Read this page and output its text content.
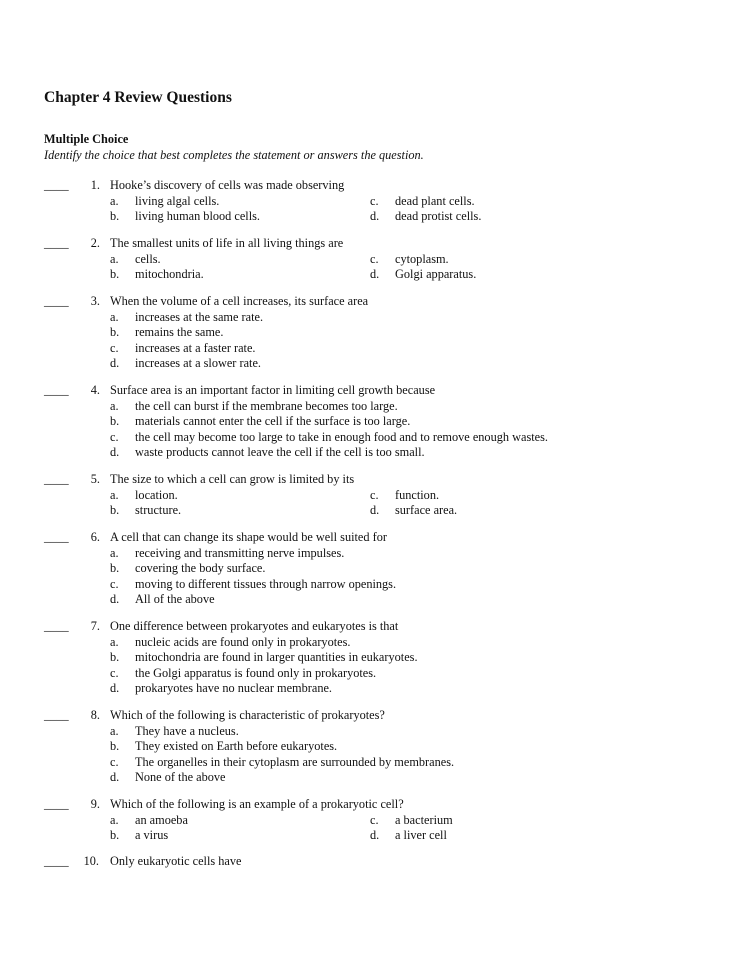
Chapter 4 Review Questions
Multiple Choice
Identify the choice that best completes the statement or answers the question.
____	1. Hooke’s discovery of cells was made observing
a. living algal cells.
b. living human blood cells.
c. dead plant cells.
d. dead protist cells.
____	2. The smallest units of life in all living things are
a. cells.
b. mitochondria.
c. cytoplasm.
d. Golgi apparatus.
____	3. When the volume of a cell increases, its surface area
a. increases at the same rate.
b. remains the same.
c. increases at a faster rate.
d. increases at a slower rate.
____	4. Surface area is an important factor in limiting cell growth because
a. the cell can burst if the membrane becomes too large.
b. materials cannot enter the cell if the surface is too large.
c. the cell may become too large to take in enough food and to remove enough wastes.
d. waste products cannot leave the cell if the cell is too small.
____	5. The size to which a cell can grow is limited by its
a. location.
b. structure.
c. function.
d. surface area.
____	6. A cell that can change its shape would be well suited for
a. receiving and transmitting nerve impulses.
b. covering the body surface.
c. moving to different tissues through narrow openings.
d. All of the above
____	7. One difference between prokaryotes and eukaryotes is that
a. nucleic acids are found only in prokaryotes.
b. mitochondria are found in larger quantities in eukaryotes.
c. the Golgi apparatus is found only in prokaryotes.
d. prokaryotes have no nuclear membrane.
____	8. Which of the following is characteristic of prokaryotes?
a. They have a nucleus.
b. They existed on Earth before eukaryotes.
c. The organelles in their cytoplasm are surrounded by membranes.
d. None of the above
____	9. Which of the following is an example of a prokaryotic cell?
a. an amoeba
b. a virus
c. a bacterium
d. a liver cell
____	10. Only eukaryotic cells have
